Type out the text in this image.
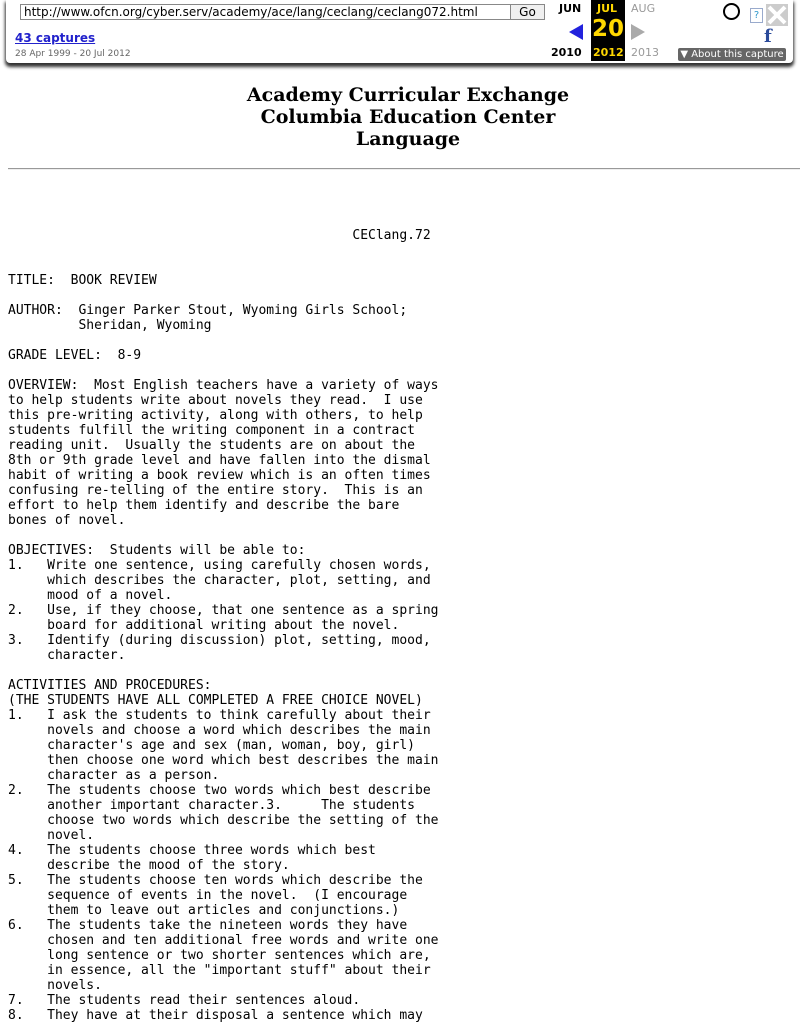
http://www.ofcn.org/cyber.serv/academy/ace/lang/ceclang/ceclang072.html	Go
43 captures
28 Apr 1999 - 20 Jul 2012
JUN JUL AUG
20
2010 2012 2013
?
f
▼ About this capture
Academy Curricular Exchange
Columbia Education Center
Language
CEClang.72

TITLE:  BOOK REVIEW

AUTHOR:  Ginger Parker Stout, Wyoming Girls School;
Sheridan, Wyoming

GRADE LEVEL:  8-9

OVERVIEW:  Most English teachers have a variety of ways
to help students write about novels they read.  I use
this pre-writing activity, along with others, to help
students fulfill the writing component in a contract
reading unit.  Usually the students are on about the
8th or 9th grade level and have fallen into the dismal
habit of writing a book review which is an often times
confusing re-telling of the entire story.  This is an
effort to help them identify and describe the bare
bones of novel.

OBJECTIVES:  Students will be able to:
1.   Write one sentence, using carefully chosen words,
which describes the character, plot, setting, and
mood of a novel.
2.   Use, if they choose, that one sentence as a spring
board for additional writing about the novel.
3.   Identify (during discussion) plot, setting, mood,
character.

ACTIVITIES AND PROCEDURES:
(THE STUDENTS HAVE ALL COMPLETED A FREE CHOICE NOVEL)
1.   I ask the students to think carefully about their
novels and choose a word which describes the main
character's age and sex (man, woman, boy, girl)
then choose one word which best describes the main
character as a person.
2.   The students choose two words which best describe
another important character.3.     The students
choose two words which describe the setting of the
novel.
4.   The students choose three words which best
describe the mood of the story.
5.   The students choose ten words which describe the
sequence of events in the novel.  (I encourage
them to leave out articles and conjunctions.)
6.   The students take the nineteen words they have
chosen and ten additional free words and write one
long sentence or two shorter sentences which are,
in essence, all the "important stuff" about their
novels.
7.   The students read their sentences aloud.
8.   They have at their disposal a sentence which may
